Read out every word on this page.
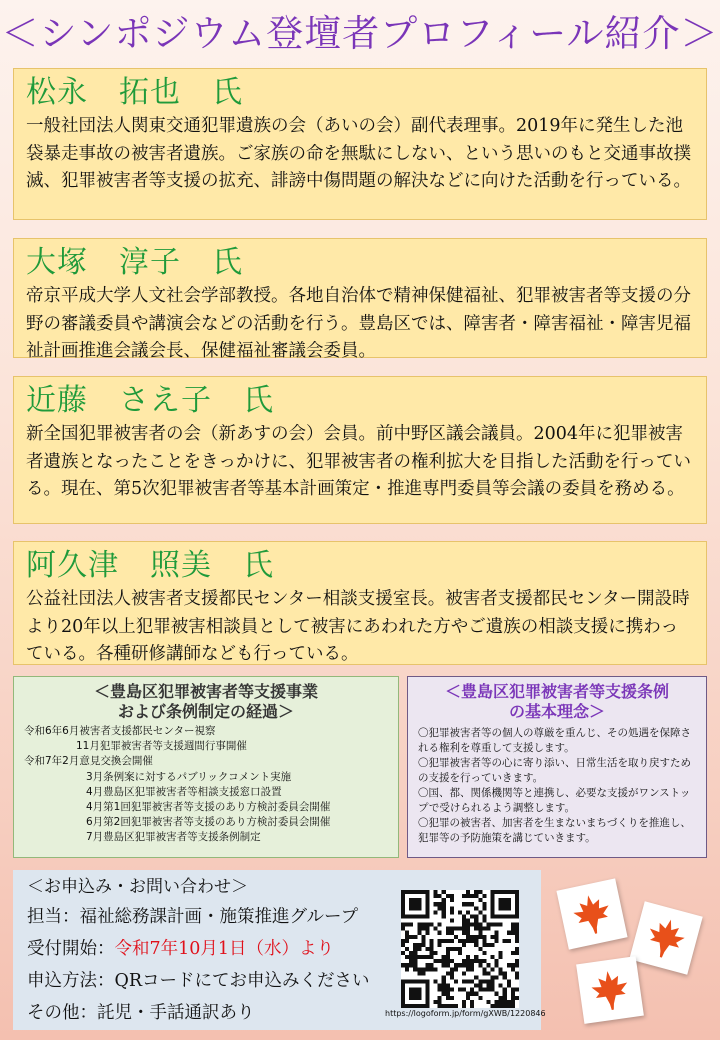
＜シンポジウム登壇者プロフィール紹介＞
松永　拓也　氏
一般社団法人関東交通犯罪遺族の会（あいの会）副代表理事。2019年に発生した池袋暴走事故の被害者遺族。ご家族の命を無駄にしない、という思いのもと交通事故撲滅、犯罪被害者等支援の拡充、誹謗中傷問題の解決などに向けた活動を行っている。
大塚　淳子　氏
帝京平成大学人文社会学部教授。各地自治体で精神保健福祉、犯罪被害者等支援の分野の審議委員や講演会などの活動を行う。豊島区では、障害者・障害福祉・障害児福祉計画推進会議会長、保健福祉審議会委員。
近藤　さえ子　氏
新全国犯罪被害者の会（新あすの会）会員。前中野区議会議員。2004年に犯罪被害者遺族となったことをきっかけに、犯罪被害者の権利拡大を目指した活動を行っている。現在、第5次犯罪被害者等基本計画策定・推進専門委員等会議の委員を務める。
阿久津　照美　氏
公益社団法人被害者支援都民センター相談支援室長。被害者支援都民センター開設時より20年以上犯罪被害相談員として被害にあわれた方やご遺族の相談支援に携わっている。各種研修講師なども行っている。
＜豊島区犯罪被害者等支援事業
および条例制定の経過＞
令和6年6月被害者支援都民センター視察
11月犯罪被害者等支援週間行事開催
令和7年2月意見交換会開催
3月条例案に対するパブリックコメント実施
4月豊島区犯罪被害者等相談支援窓口設置
4月第1回犯罪被害者等支援のあり方検討委員会開催
6月第2回犯罪被害者等支援のあり方検討委員会開催
7月豊島区犯罪被害者等支援条例制定
＜豊島区犯罪被害者等支援条例
の基本理念＞
〇犯罪被害者等の個人の尊厳を重んじ、その処遇を保障される権利を尊重して支援します。
〇犯罪被害者等の心に寄り添い、日常生活を取り戻すための支援を行っていきます。
〇国、都、関係機関等と連携し、必要な支援がワンストップで受けられるよう調整します。
〇犯罪の被害者、加害者を生まないまちづくりを推進し、犯罪等の予防施策を講じていきます。
＜お申込み・お問い合わせ＞
担当：福祉総務課計画・施策推進グループ
受付開始：令和7年10月1日（水）より
申込方法：QRコードにてお申込みください
その他：託児・手話通訳あり	https://logoform.jp/form/gXWB/1220846
